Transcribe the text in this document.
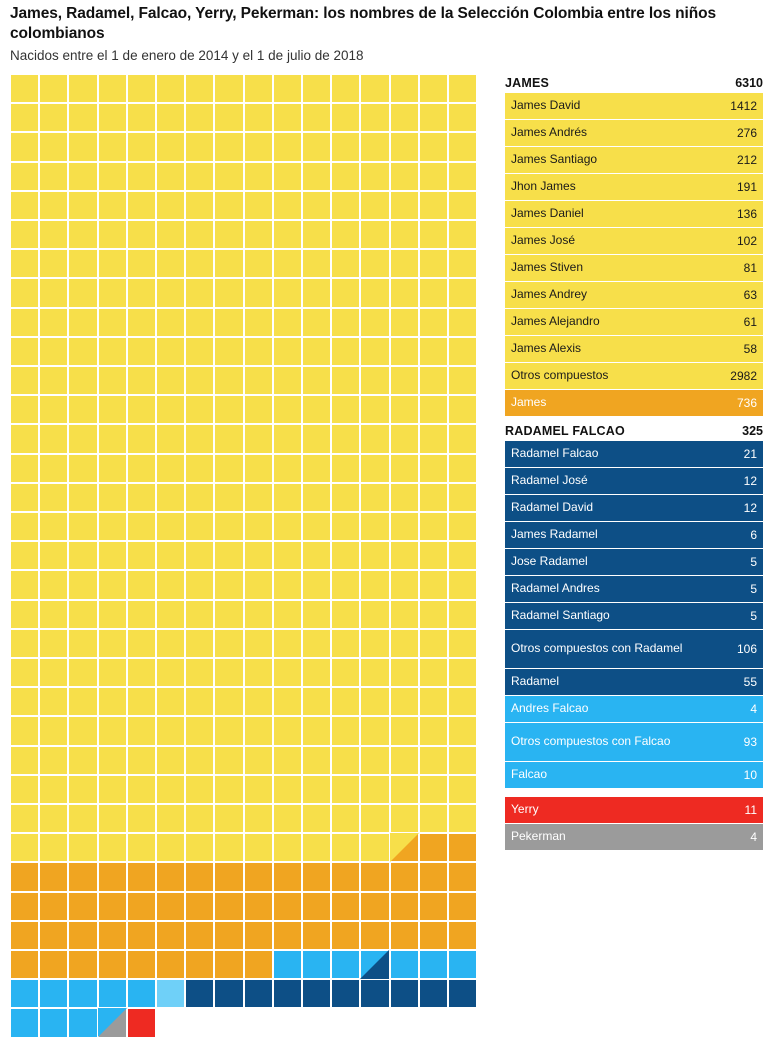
James, Radamel, Falcao, Yerry, Pekerman: los nombres de la Selección Colombia entre los niños colombianos
Nacidos entre el 1 de enero de 2014 y el 1 de julio de 2018
JAMES	6310
James David	1412
James Andrés	276
James Santiago	212
Jhon James	191
James Daniel	136
James José	102
James Stiven	81
James Andrey	63
James Alejandro	61
James Alexis	58
Otros compuestos	2982
James	736
RADAMEL FALCAO	325
Radamel Falcao	21
Radamel José	12
Radamel David	12
James Radamel	6
Jose Radamel	5
Radamel Andres	5
Radamel Santiago	5
Otros compuestos con Radamel	106
Radamel	55
Andres Falcao	4
Otros compuestos con Falcao	93
Falcao	10
Yerry	11
Pekerman	4
